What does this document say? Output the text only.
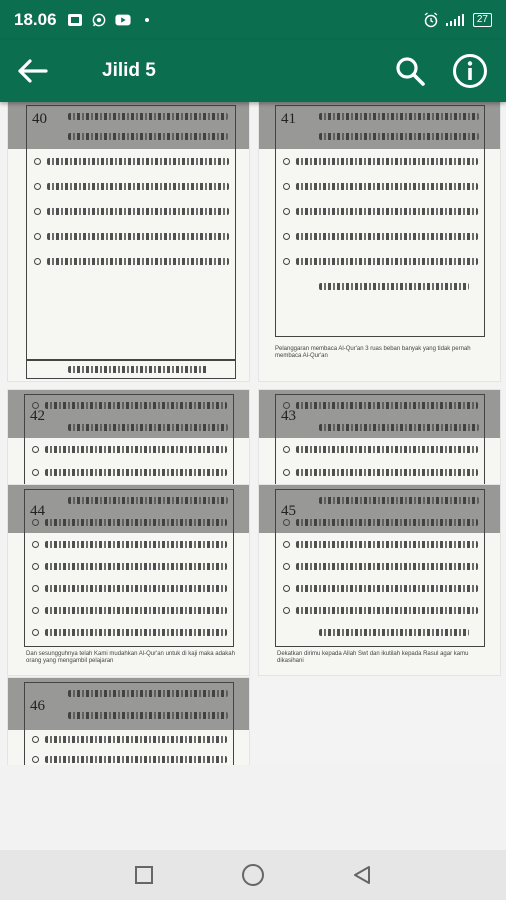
18.06	27
Jilid 5
40	41
Pelanggaran membaca Al-Qur'an 3 ruas beban banyak yang tidak pernah membaca Al-Qur'an
42	43
44
Dan sesungguhnya telah Kami mudahkan Al-Qur'an untuk di kaji maka adakah orang yang mengambil pelajaran
45
Dekatkan dirimu kepada Allah Swt dan ikutilah kepada Rasul agar kamu dikasihani
46
